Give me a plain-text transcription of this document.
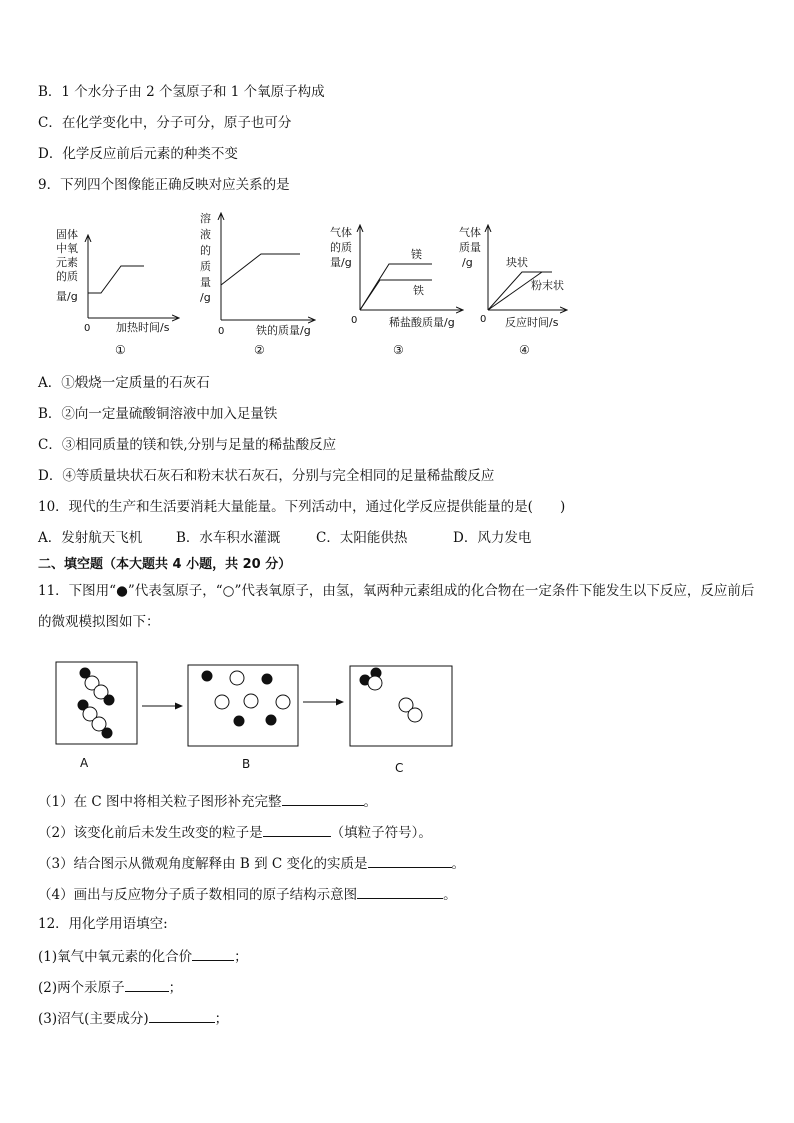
B．1 个水分子由 2 个氢原子和 1 个氧原子构成
C．在化学变化中，分子可分，原子也可分
D．化学反应前后元素的种类不变
9．下列四个图像能正确反映对应关系的是
固体
中氧
元素
的质
量/g
0 加热时间/s
①
溶
液
的
质
量
/g
0	铁的质量/g
②
气体
的质
量/g
镁
铁
0	稀盐酸质量/g
③
气体
质量
/g	块状
粉末状
0 反应时间/s
④
A．①煅烧一定质量的石灰石
B．②向一定量硫酸铜溶液中加入足量铁
C．③相同质量的镁和铁,分别与足量的稀盐酸反应
D．④等质量块状石灰石和粉末状石灰石，分别与完全相同的足量稀盐酸反应
10．现代的生产和生活要消耗大量能量。下列活动中，通过化学反应提供能量的是(　　)
A．发射航天飞机	B．水车积水灌溉	C．太阳能供热	D．风力发电
二、填空题（本大题共 4 小题，共 20 分）
11．下图用“●”代表氢原子，“○”代表氧原子，由氢，氧两种元素组成的化合物在一定条件下能发生以下反应，反应前后
的微观模拟图如下：
A	B	C
（1）在 C 图中将相关粒子图形补充完整	。
（2）该变化前后未发生改变的粒子是	（填粒子符号）。
（3）结合图示从微观角度解释由 B 到 C 变化的实质是	。
（4）画出与反应物分子质子数相同的原子结构示意图	。
12．用化学用语填空:
(1)氧气中氧元素的化合价	；
(2)两个汞原子	；
(3)沼气(主要成分)	；
